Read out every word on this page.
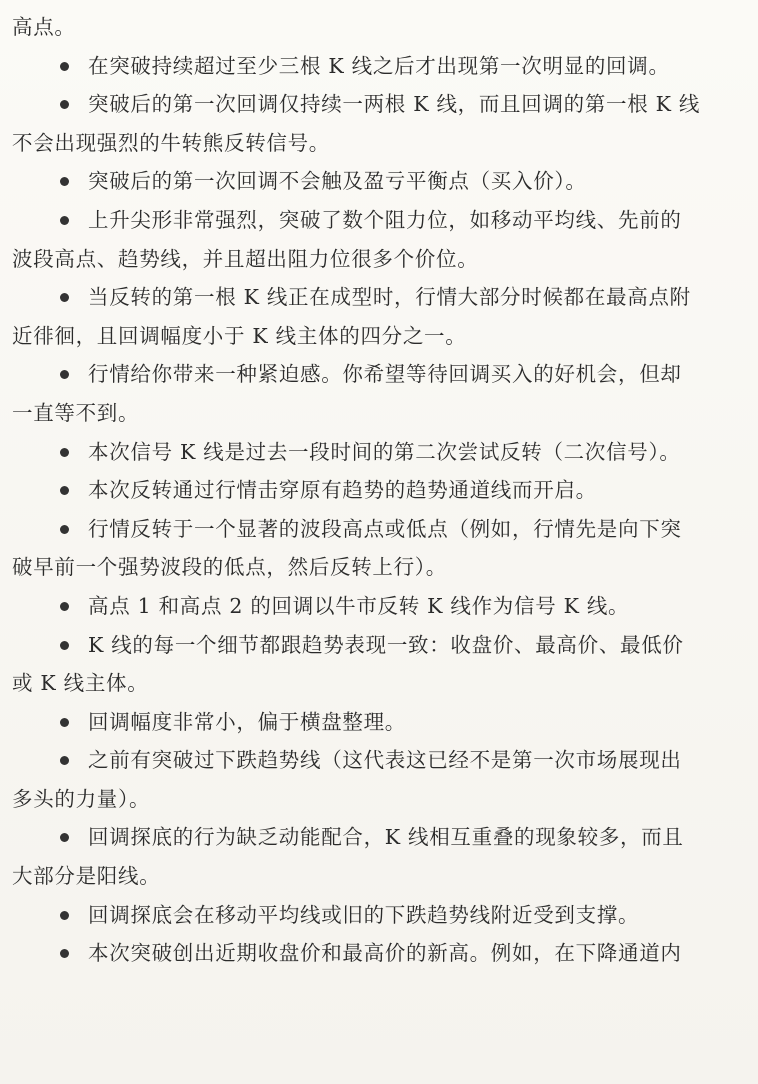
高点。
在突破持续超过至少三根 K 线之后才出现第一次明显的回调。
突破后的第一次回调仅持续一两根 K 线，而且回调的第一根 K 线
不会出现强烈的牛转熊反转信号。
突破后的第一次回调不会触及盈亏平衡点（买入价）。
上升尖形非常强烈，突破了数个阻力位，如移动平均线、先前的
波段高点、趋势线，并且超出阻力位很多个价位。
当反转的第一根 K 线正在成型时，行情大部分时候都在最高点附
近徘徊，且回调幅度小于 K 线主体的四分之一。
行情给你带来一种紧迫感。你希望等待回调买入的好机会，但却
一直等不到。
本次信号 K 线是过去一段时间的第二次尝试反转（二次信号）。
本次反转通过行情击穿原有趋势的趋势通道线而开启。
行情反转于一个显著的波段高点或低点（例如，行情先是向下突
破早前一个强势波段的低点，然后反转上行）。
高点 1 和高点 2 的回调以牛市反转 K 线作为信号 K 线。
K 线的每一个细节都跟趋势表现一致：收盘价、最高价、最低价
或 K 线主体。
回调幅度非常小，偏于横盘整理。
之前有突破过下跌趋势线（这代表这已经不是第一次市场展现出
多头的力量）。
回调探底的行为缺乏动能配合，K 线相互重叠的现象较多，而且
大部分是阳线。
回调探底会在移动平均线或旧的下跌趋势线附近受到支撑。
本次突破创出近期收盘价和最高价的新高。例如，在下降通道内
